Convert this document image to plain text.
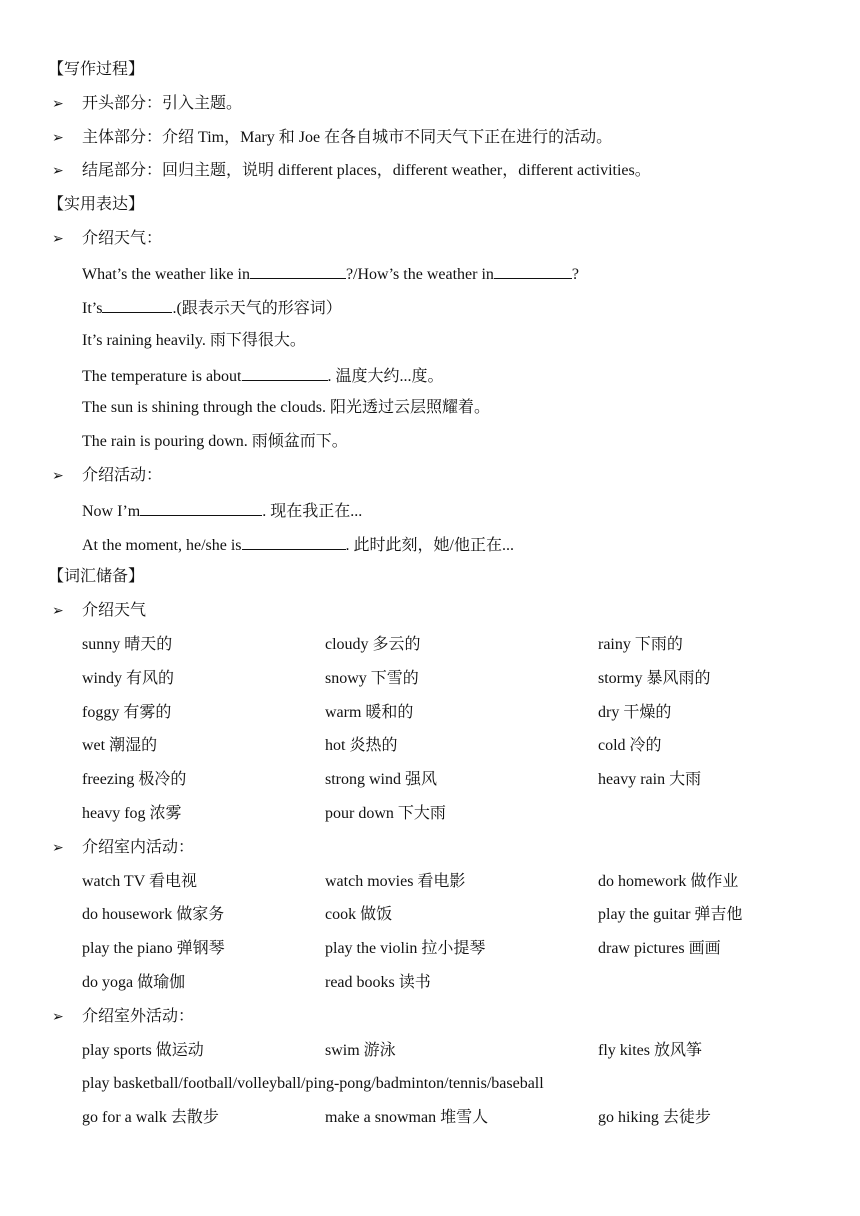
【写作过程】
➢ 开头部分：引入主题。
➢ 主体部分：介绍 Tim，Mary 和 Joe 在各自城市不同天气下正在进行的活动。
➢ 结尾部分：回归主题，说明 different places，different weather，different activities。
【实用表达】
➢ 介绍天气：
What’s the weather like in	?/How’s the weather in	?
It’s	.(跟表示天气的形容词）
It’s raining heavily. 雨下得很大。
The temperature is about	. 温度大约...度。
The sun is shining through the clouds. 阳光透过云层照耀着。
The rain is pouring down. 雨倾盆而下。
➢ 介绍活动：
Now I’m	. 现在我正在...
At the moment, he/she is	. 此时此刻，她/他正在...
【词汇储备】
➢ 介绍天气
sunny 晴天的	cloudy 多云的	rainy 下雨的
windy 有风的	snowy 下雪的	stormy 暴风雨的
foggy 有雾的	warm 暖和的	dry 干燥的
wet 潮湿的	hot 炎热的	cold 冷的
freezing 极冷的	strong wind 强风	heavy rain 大雨
heavy fog 浓雾	pour down 下大雨
➢ 介绍室内活动：
watch TV 看电视	watch movies 看电影	do homework 做作业
do housework 做家务	cook 做饭	play the guitar 弹吉他
play the piano 弹钢琴	play the violin 拉小提琴	draw pictures 画画
do yoga 做瑜伽	read books 读书
➢ 介绍室外活动：
play sports 做运动	swim 游泳	fly kites 放风筝
play basketball/football/volleyball/ping-pong/badminton/tennis/baseball
go for a walk 去散步	make a snowman 堆雪人	go hiking 去徒步
